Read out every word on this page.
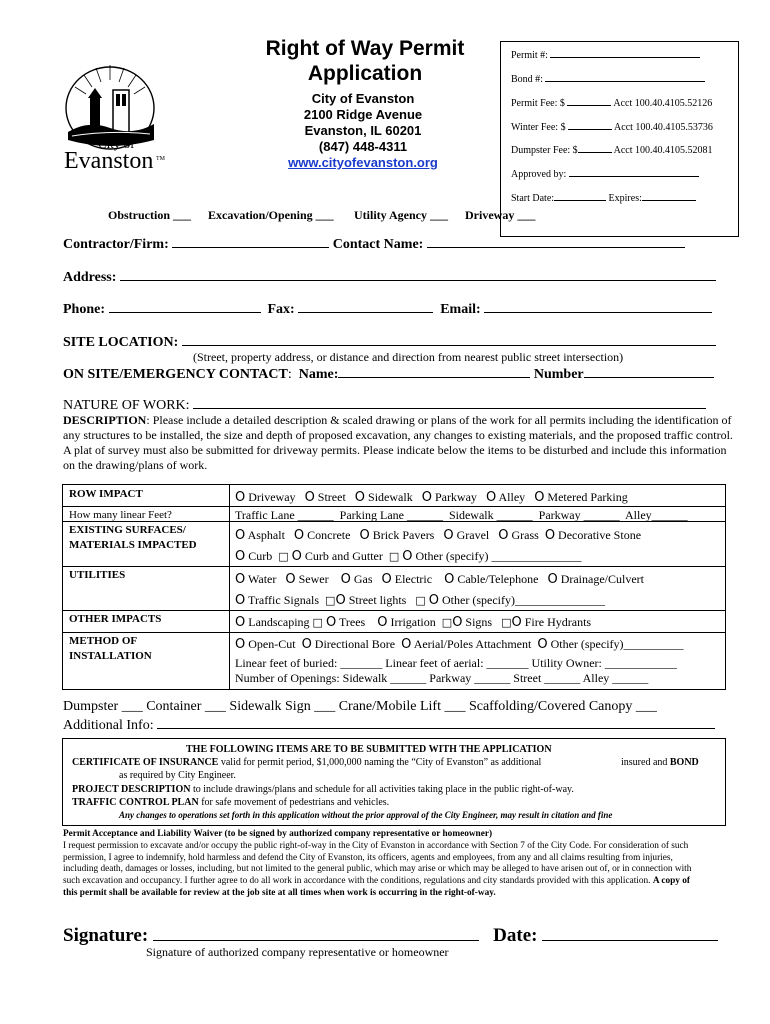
City of
Evanston TM
Right of Way Permit
Application
City of Evanston
2100 Ridge Avenue
Evanston, IL 60201
(847) 448-4311
www.cityofevanston.org
Permit #:
Bond #:
Permit Fee: $	Acct 100.40.4105.52126
Winter Fee: $	Acct 100.40.4105.53736
Dumpster Fee: $	Acct 100.40.4105.52081
Approved by:
Start Date:	Expires:
Obstruction ___ Excavation/Opening ___ Utility Agency ___ Driveway ___
Contractor/Firm:	Contact Name:
Address:
Phone:	Fax:	Email:
SITE LOCATION:
(Street, property address, or distance and direction from nearest public street intersection)
ON SITE/EMERGENCY CONTACT: Name:	Number
NATURE OF WORK:
DESCRIPTION: Please include a detailed description & scaled drawing or plans of the work for all permits including the identification of any structures to be installed, the size and depth of proposed excavation, any changes to existing materials, and the proposed traffic control. A plat of survey must also be submitted for driveway permits. Please indicate below the items to be disturbed and include this information on the drawing/plans of work.
ROW IMPACT	O Driveway O Street O Sidewalk O Parkway O Alley O Metered Parking
How many linear Feet?	Traffic Lane ______ Parking Lane ______ Sidewalk ______ Parkway ______ Alley______
EXISTING SURFACES/
MATERIALS IMPACTED
O Asphalt O Concrete O Brick Pavers O Gravel O Grass O Decorative Stone
O Curb □ O Curb and Gutter □ O Other (specify) _______________
UTILITIES	O Water O Sewer O Gas O Electric O Cable/Telephone O Drainage/Culvert
O Traffic Signals □O Street lights □ O Other (specify)_______________
OTHER IMPACTS	O Landscaping □ O Trees O Irrigation □O Signs □O Fire Hydrants
METHOD OF
INSTALLATION
O Open-Cut O Directional Bore O Aerial/Poles Attachment O Other (specify)__________
Linear feet of buried: _______ Linear feet of aerial: _______ Utility Owner: ____________
Number of Openings: Sidewalk ______ Parkway ______ Street ______ Alley ______
Dumpster ___ Container ___ Sidewalk Sign ___ Crane/Mobile Lift ___ Scaffolding/Covered Canopy ___
Additional Info:
THE FOLLOWING ITEMS ARE TO BE SUBMITTED WITH THE APPLICATION
CERTIFICATE OF INSURANCE valid for permit period, $1,000,000 naming the “City of Evanston” as additional	insured and BOND
as required by City Engineer.
PROJECT DESCRIPTION to include drawings/plans and schedule for all activities taking place in the public right-of-way.
TRAFFIC CONTROL PLAN for safe movement of pedestrians and vehicles.
Any changes to operations set forth in this application without the prior approval of the City Engineer, may result in citation and fine
Permit Acceptance and Liability Waiver (to be signed by authorized company representative or homeowner)
I request permission to excavate and/or occupy the public right-of-way in the City of Evanston in accordance with Section 7 of the City Code. For consideration of such permission, I agree to indemnify, hold harmless and defend the City of Evanston, its officers, agents and employees, from any and all claims resulting from injuries, including death, damages or losses, including, but not limited to the general public, which may arise or which may be alleged to have arisen out of, or in connection with such excavation and occupancy. I further agree to do all work in accordance with the conditions, regulations and city standards provided with this application. A copy of this permit shall be available for review at the job site at all times when work is occurring in the right-of-way.
Signature:	Date:
Signature of authorized company representative or homeowner
